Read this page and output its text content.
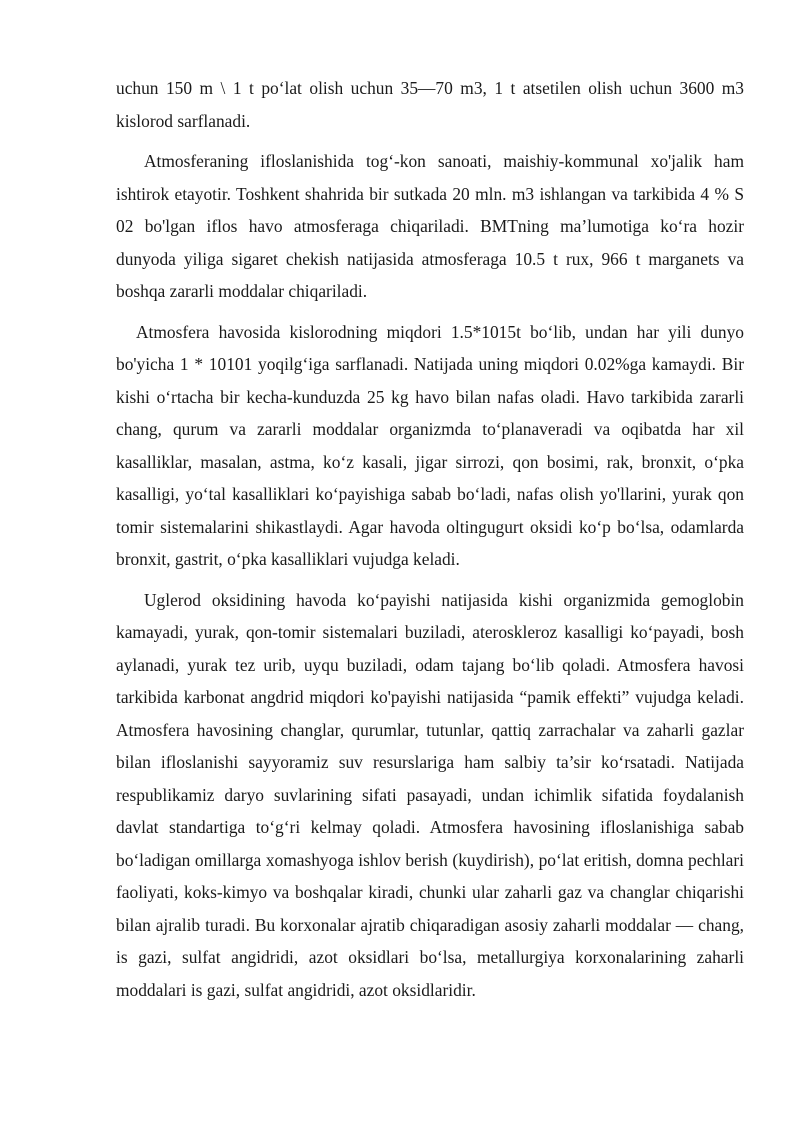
uchun 150 m \ 1 t po‘lat olish uchun 35—70 m3, 1 t atsetilen olish uchun 3600 m3 kislorod sarflanadi.

Atmosferaning ifloslanishida tog‘-kon sanoati, maishiy-kommunal xo'jalik ham ishtirok etayotir. Toshkent shahrida bir sutkada 20 mln. m3 ishlangan va tarkibida 4 % S 02 bo'lgan iflos havo atmosferaga chiqariladi. BMTning ma’lumotiga ko‘ra hozir dunyoda yiliga sigaret chekish natijasida atmosferaga 10.5 t rux, 966 t marganets va boshqa zararli moddalar chiqariladi.

Atmosfera havosida kislorodning miqdori 1.5*1015t bo‘lib, undan har yili dunyo bo'yicha 1 * 10101 yoqilg‘iga sarflanadi. Natijada uning miqdori 0.02%ga kamaydi. Bir kishi o‘rtacha bir kecha-kunduzda 25 kg havo bilan nafas oladi. Havo tarkibida zararli chang, qurum va zararli moddalar organizmda to‘planaveradi va oqibatda har xil kasalliklar, masalan, astma, ko‘z kasali, jigar sirrozi, qon bosimi, rak, bronxit, o‘pka kasalligi, yo‘tal kasalliklari ko‘payishiga sabab bo‘ladi, nafas olish yo'llarini, yurak qon tomir sistemalarini shikastlaydi. Agar havoda oltingugurt oksidi ko‘p bo‘lsa, odamlarda bronxit, gastrit, o‘pka kasalliklari vujudga keladi.

Uglerod oksidining havoda ko‘payishi natijasida kishi organizmida gemoglobin kamayadi, yurak, qon-tomir sistemalari buziladi, ateroskleroz kasalligi ko‘payadi, bosh aylanadi, yurak tez urib, uyqu buziladi, odam tajang bo‘lib qoladi. Atmosfera havosi tarkibida karbonat angdrid miqdori ko'payishi natijasida “pamik effekti” vujudga keladi. Atmosfera havosining changlar, qurumlar, tutunlar, qattiq zarrachalar va zaharli gazlar bilan ifloslanishi sayyoramiz suv resurslariga ham salbiy ta’sir ko‘rsatadi. Natijada respublikamiz daryo suvlarining sifati pasayadi, undan ichimlik sifatida foydalanish davlat standartiga to‘g‘ri kelmay qoladi. Atmosfera havosining ifloslanishiga sabab bo‘ladigan omillarga xomashyoga ishlov berish (kuydirish), po‘lat eritish, domna pechlari faoliyati, koks-kimyo va boshqalar kiradi, chunki ular zaharli gaz va changlar chiqarishi bilan ajralib turadi. Bu korxonalar ajratib chiqaradigan asosiy zaharli moddalar — chang, is gazi, sulfat angidridi, azot oksidlari bo‘lsa, metallurgiya korxonalarining zaharli moddalari is gazi, sulfat angidridi, azot oksidlaridir.
